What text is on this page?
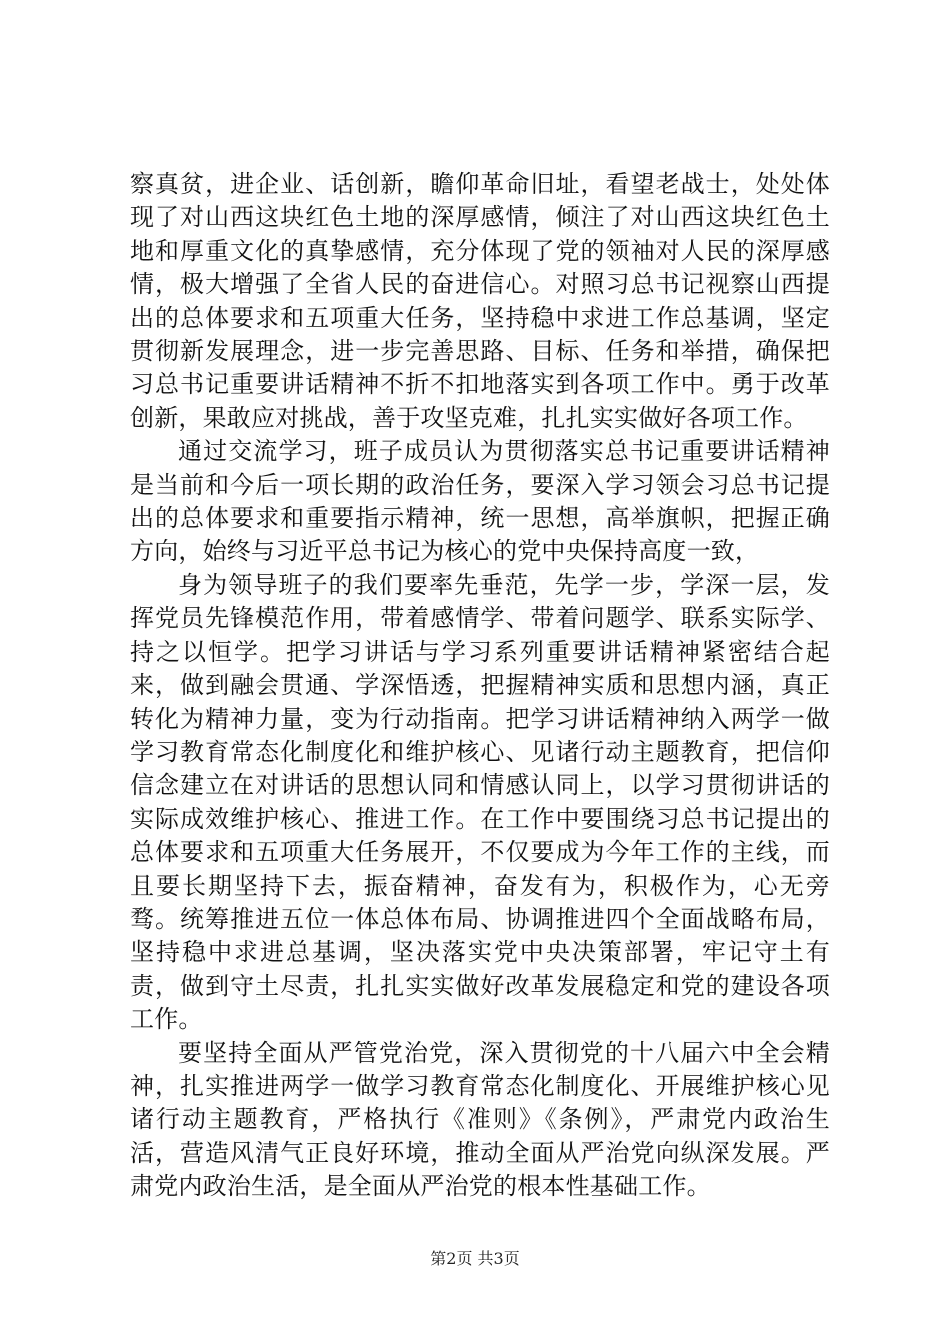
察真贫，进企业、话创新，瞻仰革命旧址，看望老战士，处处体现了对山西这块红色土地的深厚感情，倾注了对山西这块红色土地和厚重文化的真挚感情，充分体现了党的领袖对人民的深厚感情，极大增强了全省人民的奋进信心。对照习总书记视察山西提出的总体要求和五项重大任务，坚持稳中求进工作总基调，坚定贯彻新发展理念，进一步完善思路、目标、任务和举措，确保把习总书记重要讲话精神不折不扣地落实到各项工作中。勇于改革创新，果敢应对挑战，善于攻坚克难，扎扎实实做好各项工作。

通过交流学习，班子成员认为贯彻落实总书记重要讲话精神是当前和今后一项长期的政治任务，要深入学习领会习总书记提出的总体要求和重要指示精神，统一思想，高举旗帜，把握正确方向，始终与习近平总书记为核心的党中央保持高度一致，

身为领导班子的我们要率先垂范，先学一步，学深一层，发挥党员先锋模范作用，带着感情学、带着问题学、联系实际学、持之以恒学。把学习讲话与学习系列重要讲话精神紧密结合起来，做到融会贯通、学深悟透，把握精神实质和思想内涵，真正转化为精神力量，变为行动指南。把学习讲话精神纳入两学一做学习教育常态化制度化和维护核心、见诸行动主题教育，把信仰信念建立在对讲话的思想认同和情感认同上，以学习贯彻讲话的实际成效维护核心、推进工作。在工作中要围绕习总书记提出的总体要求和五项重大任务展开，不仅要成为今年工作的主线，而且要长期坚持下去，振奋精神，奋发有为，积极作为，心无旁骛。统筹推进五位一体总体布局、协调推进四个全面战略布局，坚持稳中求进总基调，坚决落实党中央决策部署，牢记守土有责，做到守土尽责，扎扎实实做好改革发展稳定和党的建设各项工作。

要坚持全面从严管党治党，深入贯彻党的十八届六中全会精神，扎实推进两学一做学习教育常态化制度化、开展维护核心见诸行动主题教育，严格执行《准则》《条例》，严肃党内政治生活，营造风清气正良好环境，推动全面从严治党向纵深发展。严肃党内政治生活，是全面从严治党的根本性基础工作。

第2页 共3页
